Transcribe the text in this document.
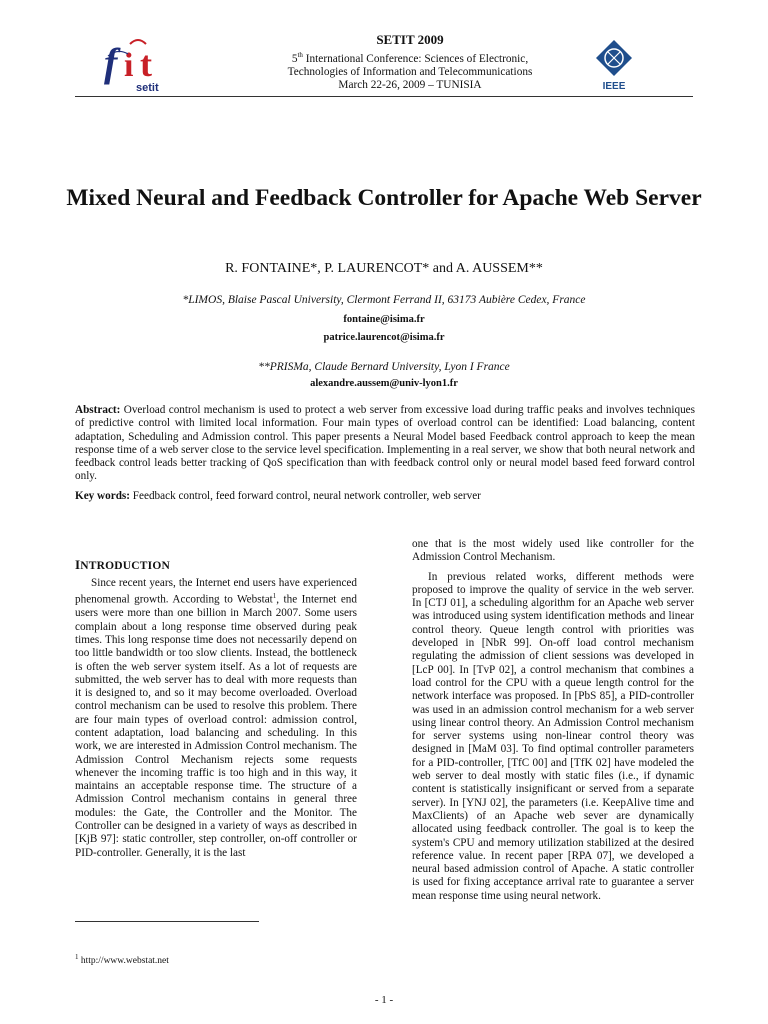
f i t
setit
SETIT 2009
5th International Conference: Sciences of Electronic,
Technologies of Information and Telecommunications
March 22-26, 2009 – TUNISIA	IEEE
Mixed Neural and Feedback Controller for Apache Web Server
R. FONTAINE*, P. LAURENCOT* and A. AUSSEM**
*LIMOS, Blaise Pascal University, Clermont Ferrand II, 63173 Aubière Cedex, France
fontaine@isima.fr
patrice.laurencot@isima.fr
**PRISMa, Claude Bernard University, Lyon I France
alexandre.aussem@univ-lyon1.fr
Abstract: Overload control mechanism is used to protect a web server from excessive load during traffic peaks and involves techniques of predictive control with limited local information. Four main types of overload control can be identified: Load balancing, content adaptation, Scheduling and Admission control. This paper presents a Neural Model based Feedback control approach to keep the mean response time of a web server close to the service level specification. Implementing in a real server, we show that both neural network and feedback control leads better tracking of QoS specification than with feedback control only or neural model based feed forward control only.
Key words: Feedback control, feed forward control, neural network controller, web server
INTRODUCTION

Since recent years, the Internet end users have experienced phenomenal growth. According to Webstat$^1$, the Internet end users were more than one billion in March 2007. Some users complain about a long response time observed during peak times. This long response time does not necessarily depend on too little bandwidth or too slow clients. Instead, the bottleneck is often the web server system itself. As a lot of requests are submitted, the web server has to deal with more requests than it is designed to, and so it may become overloaded. Overload control mechanism can be used to resolve this problem. There are four main types of overload control: admission control, content adaptation, load balancing and scheduling. In this work, we are interested in Admission Control mechanism. The Admission Control Mechanism rejects some requests whenever the incoming traffic is too high and in this way, it maintains an acceptable response time. The structure of a Admission Control mechanism contains in general three modules: the Gate, the Controller and the Monitor. The Controller can be designed in a variety of ways as described in [KjB 97]: static controller, step controller, on-off controller or PID-controller. Generally, it is the last

one that is the most widely used like controller for the Admission Control Mechanism.

In previous related works, different methods were proposed to improve the quality of service in the web server. In [CTJ 01], a scheduling algorithm for an Apache web server was introduced using system identification methods and linear control theory. Queue length control with priorities was developed in [NbR 99]. On-off load control mechanism regulating the admission of client sessions was developed in [LcP 00]. In [TvP 02], a control mechanism that combines a load control for the CPU with a queue length control for the network interface was proposed. In [PbS 85], a PID-controller was used in an admission control mechanism for a web server using linear control theory. An Admission Control mechanism for server systems using non-linear control theory was designed in [MaM 03]. To find optimal controller parameters for a PID-controller, [TfC 00] and [TfK 02] have modeled the web server to deal mostly with static files (i.e., if dynamic content is statistically insignificant or served from a separate server). In [YNJ 02], the parameters (i.e. KeepAlive time and MaxClients) of an Apache web sever are dynamically allocated using feedback controller. The goal is to keep the system's CPU and memory utilization stabilized at the desired reference value. In recent paper [RPA 07], we developed a neural based admission control of Apache. A static controller is used for fixing acceptance arrival rate to guarantee a server mean response time using neural network.

$^1$ http://www.webstat.net
- 1 -
